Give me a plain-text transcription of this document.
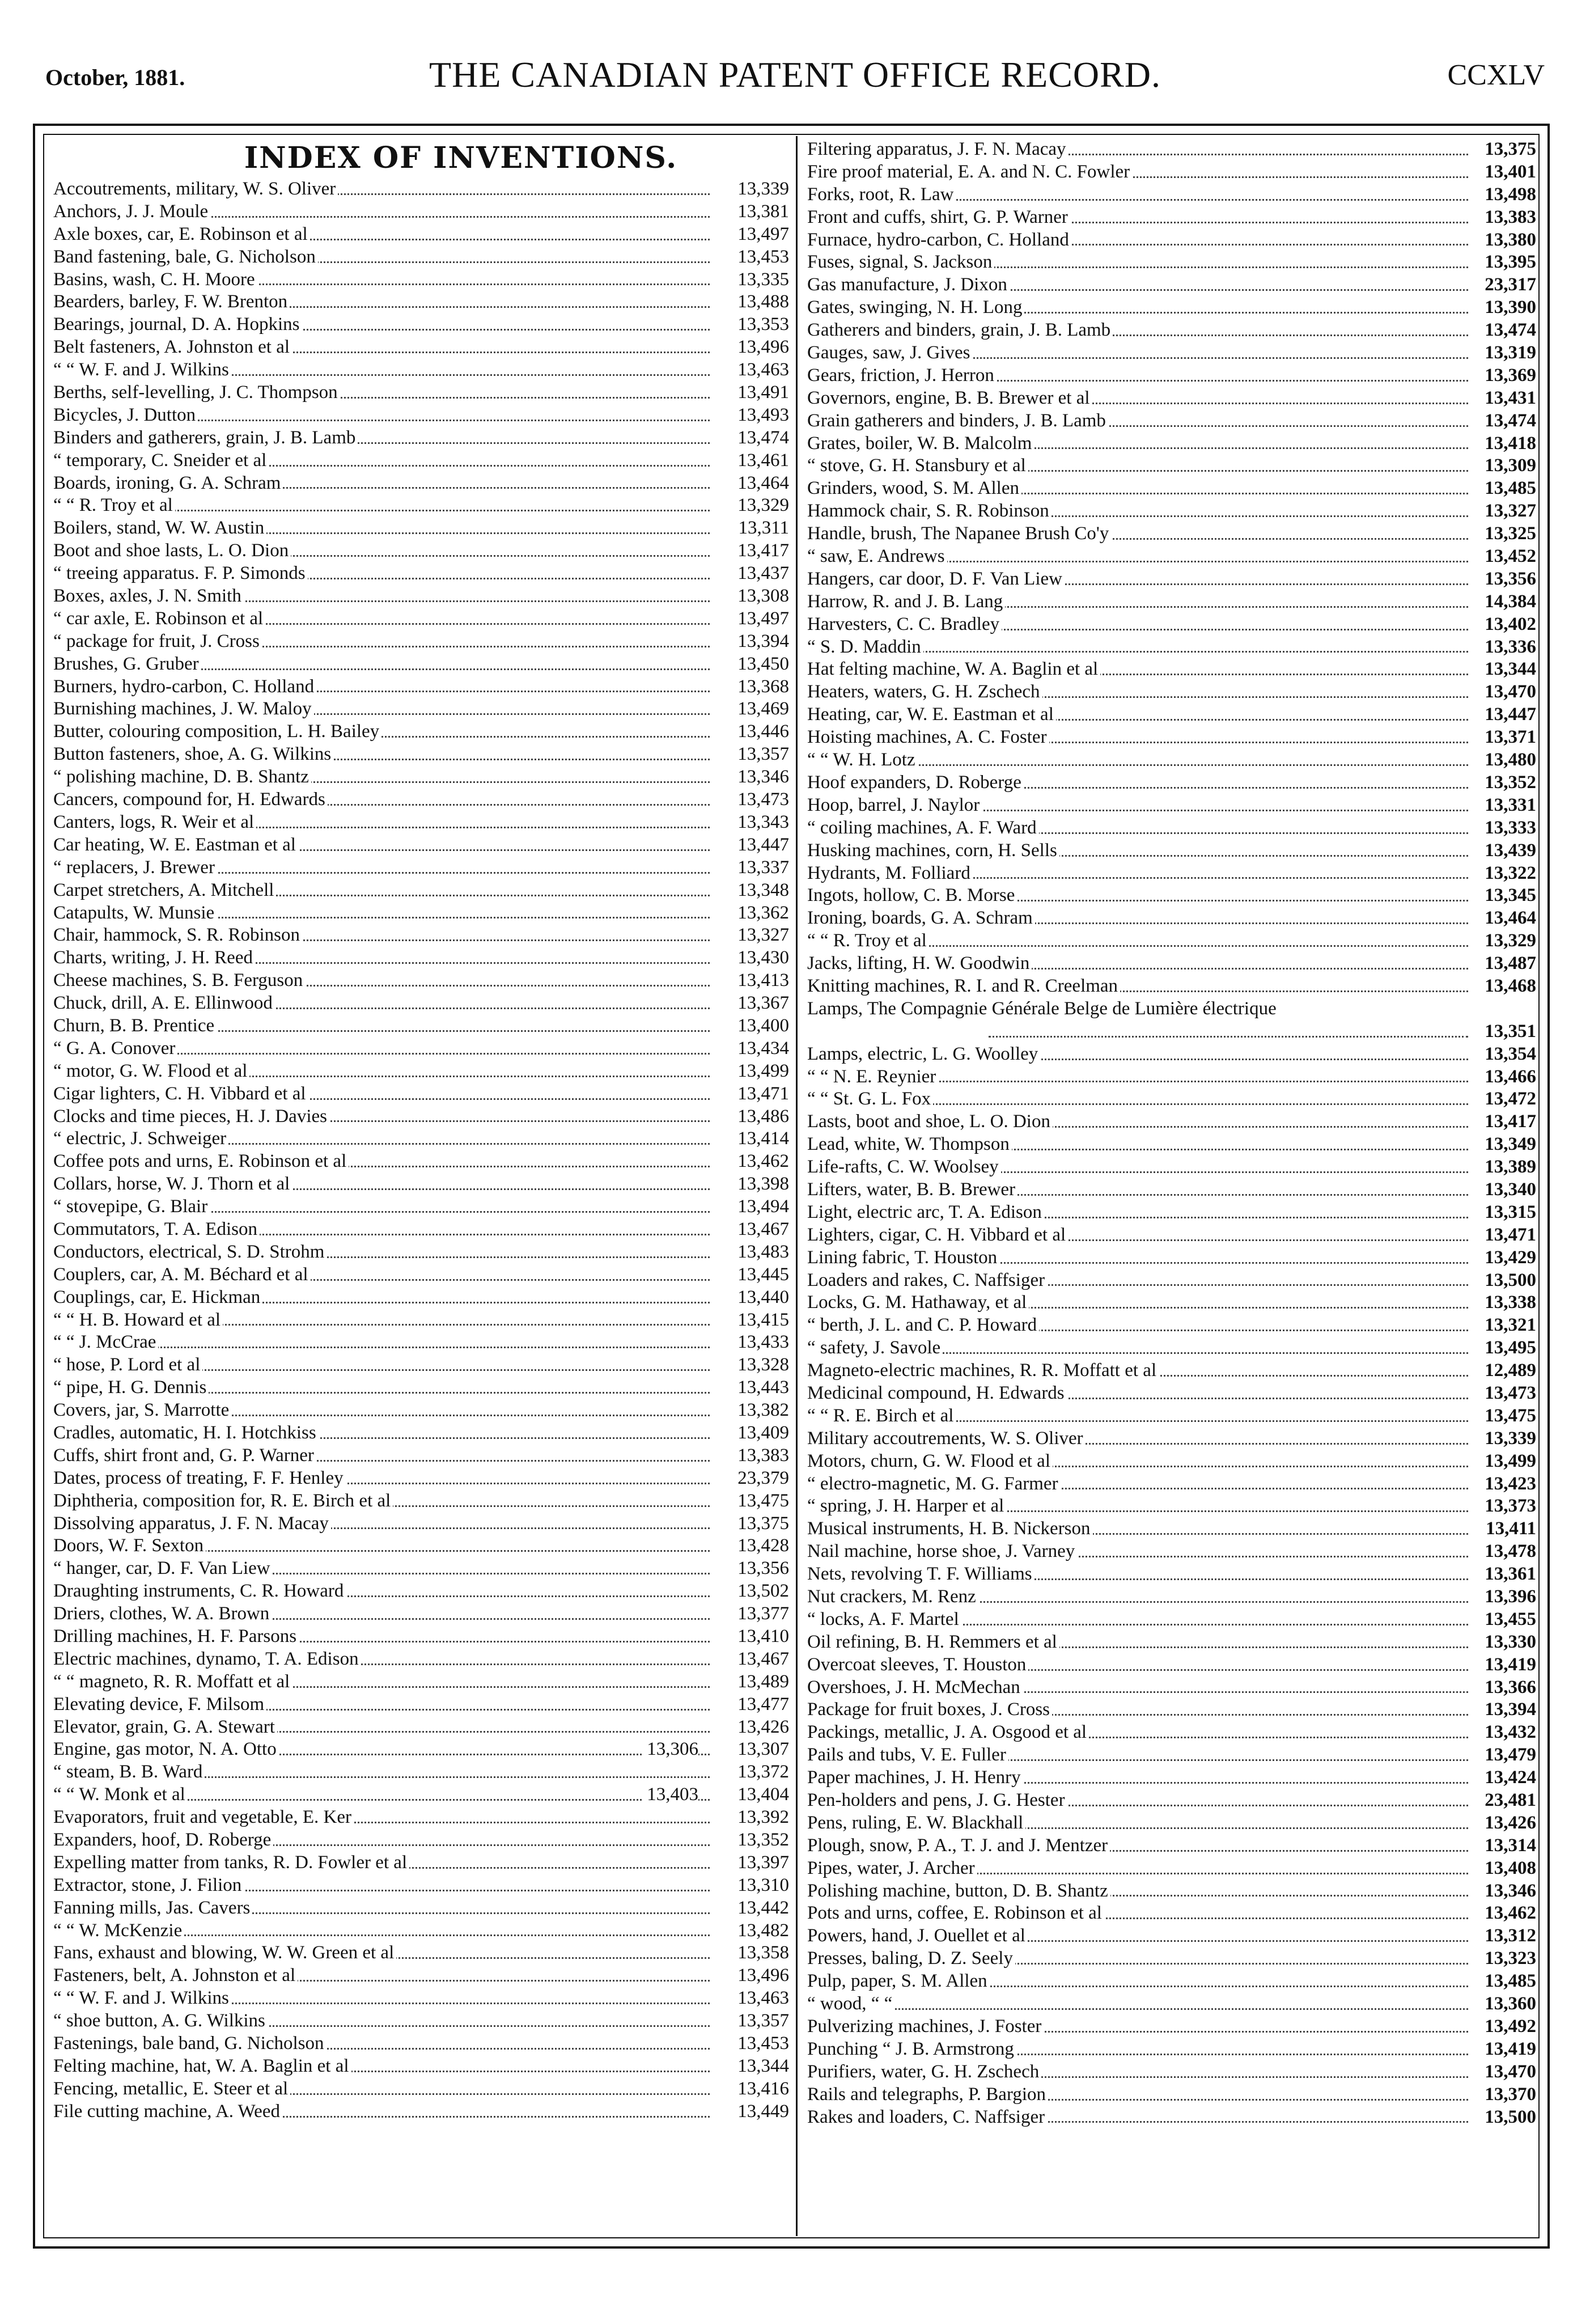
October, 1881.	THE CANADIAN PATENT OFFICE RECORD.	CCXLV
INDEX OF INVENTIONS.
Accoutrements, military, W. S. Oliver	13,339
Anchors, J. J. Moule	13,381
Axle boxes, car, E. Robinson et al	13,497
Band fastening, bale, G. Nicholson	13,453
Basins, wash, C. H. Moore	13,335
Bearders, barley, F. W. Brenton	13,488
Bearings, journal, D. A. Hopkins	13,353
Belt fasteners, A. Johnston et al	13,496
“ “ W. F. and J. Wilkins	13,463
Berths, self-levelling, J. C. Thompson	13,491
Bicycles, J. Dutton	13,493
Binders and gatherers, grain, J. B. Lamb	13,474
“ temporary, C. Sneider et al	13,461
Boards, ironing, G. A. Schram	13,464
“ “ R. Troy et al	13,329
Boilers, stand, W. W. Austin	13,311
Boot and shoe lasts, L. O. Dion	13,417
“ treeing apparatus. F. P. Simonds	13,437
Boxes, axles, J. N. Smith	13,308
“ car axle, E. Robinson et al	13,497
“ package for fruit, J. Cross	13,394
Brushes, G. Gruber	13,450
Burners, hydro-carbon, C. Holland	13,368
Burnishing machines, J. W. Maloy	13,469
Butter, colouring composition, L. H. Bailey	13,446
Button fasteners, shoe, A. G. Wilkins	13,357
“ polishing machine, D. B. Shantz	13,346
Cancers, compound for, H. Edwards	13,473
Canters, logs, R. Weir et al	13,343
Car heating, W. E. Eastman et al	13,447
“ replacers, J. Brewer	13,337
Carpet stretchers, A. Mitchell	13,348
Catapults, W. Munsie	13,362
Chair, hammock, S. R. Robinson	13,327
Charts, writing, J. H. Reed	13,430
Cheese machines, S. B. Ferguson	13,413
Chuck, drill, A. E. Ellinwood	13,367
Churn, B. B. Prentice	13,400
“ G. A. Conover	13,434
“ motor, G. W. Flood et al	13,499
Cigar lighters, C. H. Vibbard et al	13,471
Clocks and time pieces, H. J. Davies	13,486
“ electric, J. Schweiger	13,414
Coffee pots and urns, E. Robinson et al	13,462
Collars, horse, W. J. Thorn et al	13,398
“ stovepipe, G. Blair	13,494
Commutators, T. A. Edison	13,467
Conductors, electrical, S. D. Strohm	13,483
Couplers, car, A. M. Béchard et al	13,445
Couplings, car, E. Hickman	13,440
“ “ H. B. Howard et al	13,415
“ “ J. McCrae	13,433
“ hose, P. Lord et al	13,328
“ pipe, H. G. Dennis	13,443
Covers, jar, S. Marrotte	13,382
Cradles, automatic, H. I. Hotchkiss	13,409
Cuffs, shirt front and, G. P. Warner	13,383
Dates, process of treating, F. F. Henley	23,379
Diphtheria, composition for, R. E. Birch et al	13,475
Dissolving apparatus, J. F. N. Macay	13,375
Doors, W. F. Sexton	13,428
“ hanger, car, D. F. Van Liew	13,356
Draughting instruments, C. R. Howard	13,502
Driers, clothes, W. A. Brown	13,377
Drilling machines, H. F. Parsons	13,410
Electric machines, dynamo, T. A. Edison	13,467
“ “ magneto, R. R. Moffatt et al	13,489
Elevating device, F. Milsom	13,477
Elevator, grain, G. A. Stewart	13,426
Engine, gas motor, N. A. Otto	13,306	13,307
“ steam, B. B. Ward	13,372
“ “ W. Monk et al	13,403	13,404
Evaporators, fruit and vegetable, E. Ker	13,392
Expanders, hoof, D. Roberge	13,352
Expelling matter from tanks, R. D. Fowler et al	13,397
Extractor, stone, J. Filion	13,310
Fanning mills, Jas. Cavers	13,442
“ “ W. McKenzie	13,482
Fans, exhaust and blowing, W. W. Green et al	13,358
Fasteners, belt, A. Johnston et al	13,496
“ “ W. F. and J. Wilkins	13,463
“ shoe button, A. G. Wilkins	13,357
Fastenings, bale band, G. Nicholson	13,453
Felting machine, hat, W. A. Baglin et al	13,344
Fencing, metallic, E. Steer et al	13,416
File cutting machine, A. Weed	13,449
Filtering apparatus, J. F. N. Macay	13,375
Fire proof material, E. A. and N. C. Fowler	13,401
Forks, root, R. Law	13,498
Front and cuffs, shirt, G. P. Warner	13,383
Furnace, hydro-carbon, C. Holland	13,380
Fuses, signal, S. Jackson	13,395
Gas manufacture, J. Dixon	23,317
Gates, swinging, N. H. Long	13,390
Gatherers and binders, grain, J. B. Lamb	13,474
Gauges, saw, J. Gives	13,319
Gears, friction, J. Herron	13,369
Governors, engine, B. B. Brewer et al	13,431
Grain gatherers and binders, J. B. Lamb	13,474
Grates, boiler, W. B. Malcolm	13,418
“ stove, G. H. Stansbury et al	13,309
Grinders, wood, S. M. Allen	13,485
Hammock chair, S. R. Robinson	13,327
Handle, brush, The Napanee Brush Co'y	13,325
“ saw, E. Andrews	13,452
Hangers, car door, D. F. Van Liew	13,356
Harrow, R. and J. B. Lang	14,384
Harvesters, C. C. Bradley	13,402
“ S. D. Maddin	13,336
Hat felting machine, W. A. Baglin et al	13,344
Heaters, waters, G. H. Zschech	13,470
Heating, car, W. E. Eastman et al	13,447
Hoisting machines, A. C. Foster	13,371
“ “ W. H. Lotz	13,480
Hoof expanders, D. Roberge	13,352
Hoop, barrel, J. Naylor	13,331
“ coiling machines, A. F. Ward	13,333
Husking machines, corn, H. Sells	13,439
Hydrants, M. Folliard	13,322
Ingots, hollow, C. B. Morse	13,345
Ironing, boards, G. A. Schram	13,464
“ “ R. Troy et al	13,329
Jacks, lifting, H. W. Goodwin	13,487
Knitting machines, R. I. and R. Creelman	13,468
Lamps, The Compagnie Générale Belge de Lumière électrique
13,351
Lamps, electric, L. G. Woolley	13,354
“ “ N. E. Reynier	13,466
“ “ St. G. L. Fox	13,472
Lasts, boot and shoe, L. O. Dion	13,417
Lead, white, W. Thompson	13,349
Life-rafts, C. W. Woolsey	13,389
Lifters, water, B. B. Brewer	13,340
Light, electric arc, T. A. Edison	13,315
Lighters, cigar, C. H. Vibbard et al	13,471
Lining fabric, T. Houston	13,429
Loaders and rakes, C. Naffsiger	13,500
Locks, G. M. Hathaway, et al	13,338
“ berth, J. L. and C. P. Howard	13,321
“ safety, J. Savole	13,495
Magneto-electric machines, R. R. Moffatt et al	12,489
Medicinal compound, H. Edwards	13,473
“ “ R. E. Birch et al	13,475
Military accoutrements, W. S. Oliver	13,339
Motors, churn, G. W. Flood et al	13,499
“ electro-magnetic, M. G. Farmer	13,423
“ spring, J. H. Harper et al	13,373
Musical instruments, H. B. Nickerson	13,411
Nail machine, horse shoe, J. Varney	13,478
Nets, revolving T. F. Williams	13,361
Nut crackers, M. Renz	13,396
“ locks, A. F. Martel	13,455
Oil refining, B. H. Remmers et al	13,330
Overcoat sleeves, T. Houston	13,419
Overshoes, J. H. McMechan	13,366
Package for fruit boxes, J. Cross	13,394
Packings, metallic, J. A. Osgood et al	13,432
Pails and tubs, V. E. Fuller	13,479
Paper machines, J. H. Henry	13,424
Pen-holders and pens, J. G. Hester	23,481
Pens, ruling, E. W. Blackhall	13,426
Plough, snow, P. A., T. J. and J. Mentzer	13,314
Pipes, water, J. Archer	13,408
Polishing machine, button, D. B. Shantz	13,346
Pots and urns, coffee, E. Robinson et al	13,462
Powers, hand, J. Ouellet et al	13,312
Presses, baling, D. Z. Seely	13,323
Pulp, paper, S. M. Allen	13,485
“ wood, “ “	13,360
Pulverizing machines, J. Foster	13,492
Punching “ J. B. Armstrong	13,419
Purifiers, water, G. H. Zschech	13,470
Rails and telegraphs, P. Bargion	13,370
Rakes and loaders, C. Naffsiger	13,500
